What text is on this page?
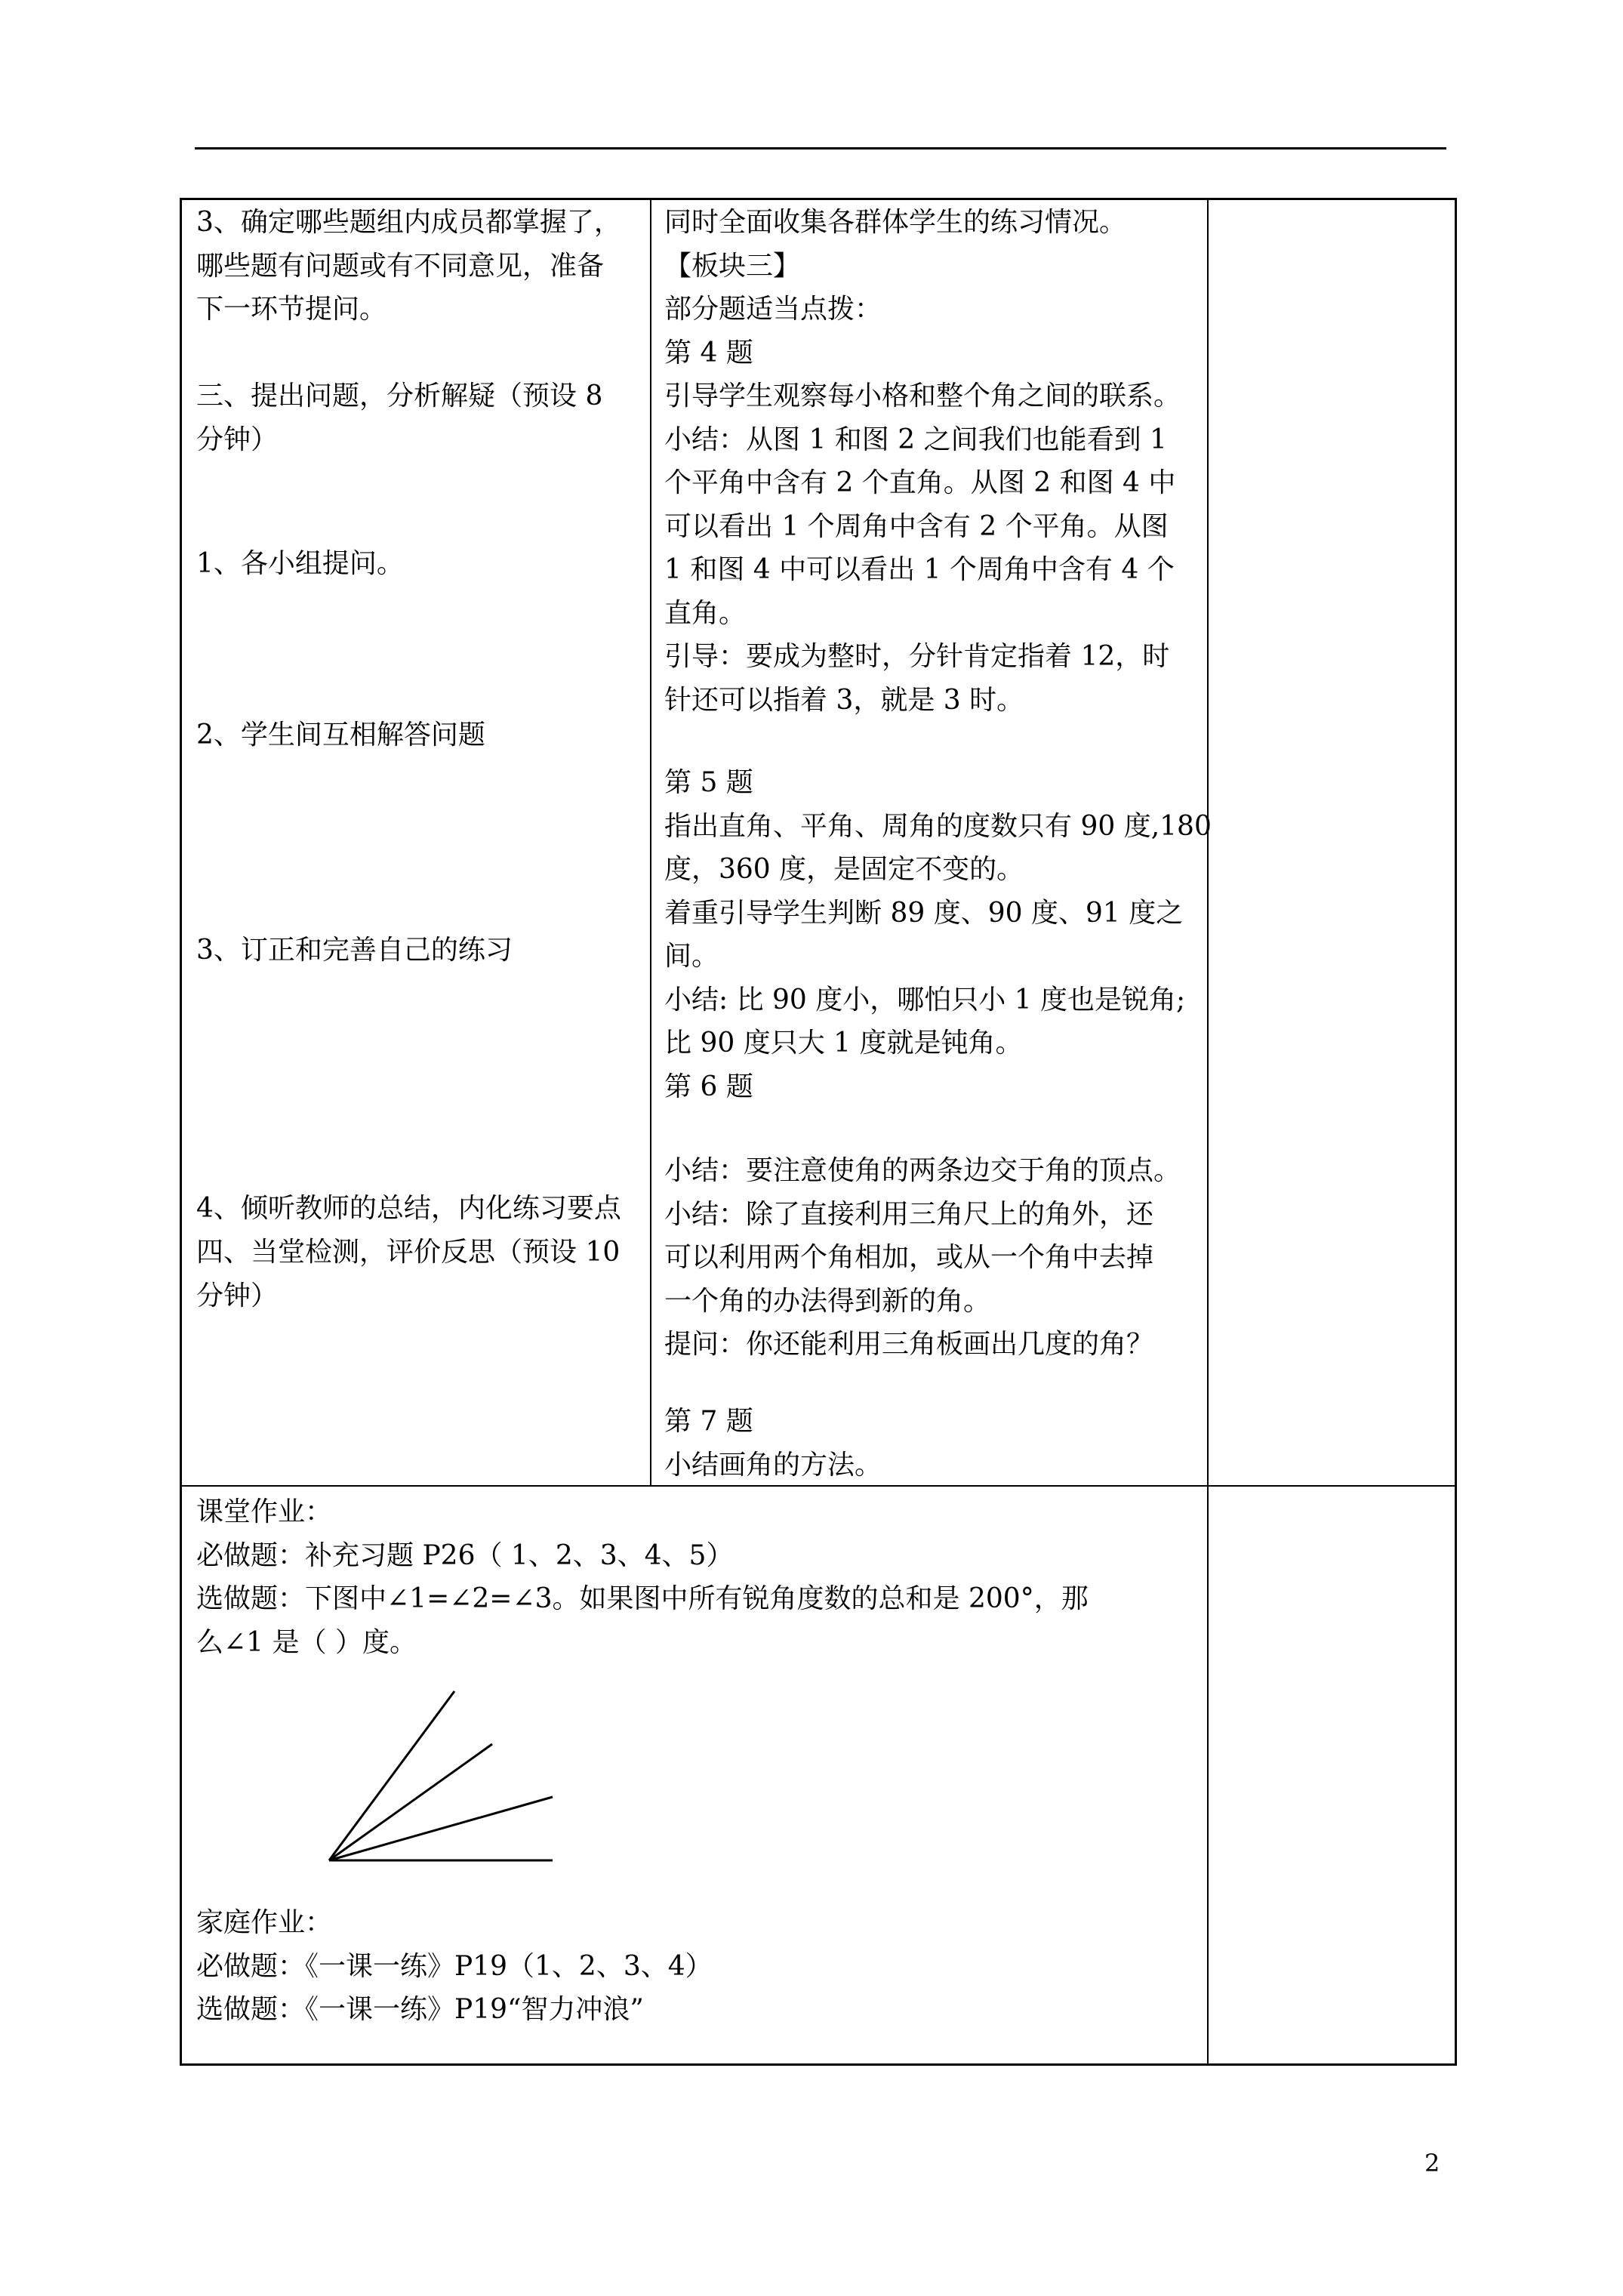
3、确定哪些题组内成员都掌握了，
哪些题有问题或有不同意见，准备
下一环节提问。
三、提出问题，分析解疑（预设 8
分钟）
1、各小组提问。
2、学生间互相解答问题
3、订正和完善自己的练习
4、倾听教师的总结，内化练习要点
四、当堂检测，评价反思（预设 10
分钟）
同时全面收集各群体学生的练习情况。
【板块三】
部分题适当点拨：
第 4 题
引导学生观察每小格和整个角之间的联系。
小结：从图 1 和图 2 之间我们也能看到 1
个平角中含有 2 个直角。从图 2 和图 4 中
可以看出 1 个周角中含有 2 个平角。从图
1 和图 4 中可以看出 1 个周角中含有 4 个
直角。
引导：要成为整时，分针肯定指着 12，时
针还可以指着 3，就是 3 时。
第 5 题
指出直角、平角、周角的度数只有 90 度,180
度，360 度，是固定不变的。
着重引导学生判断 89 度、90 度、91 度之
间。
小结: 比 90 度小，哪怕只小 1 度也是锐角;
比 90 度只大 1 度就是钝角。
第 6 题
小结：要注意使角的两条边交于角的顶点。
小结：除了直接利用三角尺上的角外，还
可以利用两个角相加，或从一个角中去掉
一个角的办法得到新的角。
提问：你还能利用三角板画出几度的角？
第 7 题
小结画角的方法。
课堂作业：
必做题：补充习题 P26（ 1、2、3、4、5）
选做题：下图中∠1=∠2=∠3。如果图中所有锐角度数的总和是 200°，那
么∠1 是（ ）度。
家庭作业：
必做题：《一课一练》P19（1、2、3、4）
选做题：《一课一练》P19“智力冲浪”
2
